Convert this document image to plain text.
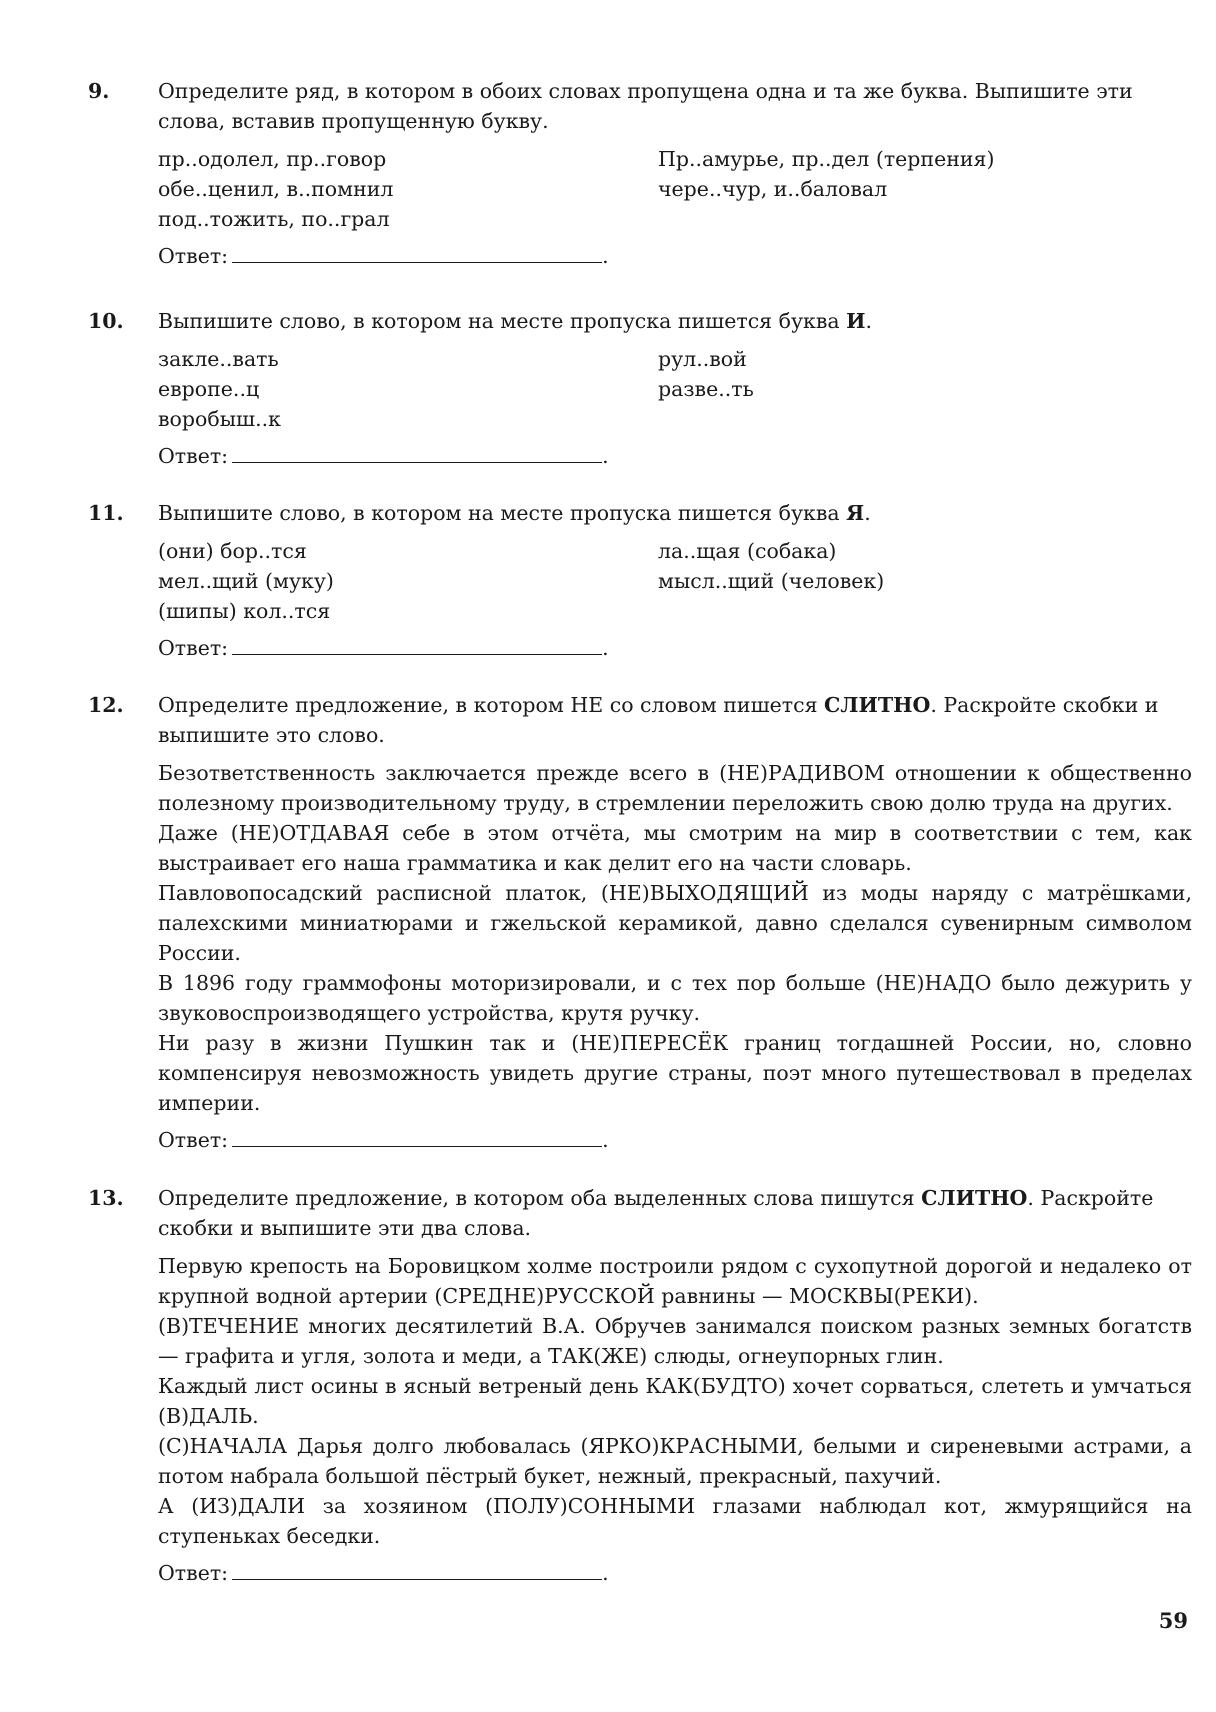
9. Определите ряд, в котором в обоих словах пропущена одна и та же буква. Выпишите эти слова, вставив пропущенную букву.

пр..одолел, пр..говор
обе..ценил, в..помнил
под..тожить, по..грал
Пр..амурье, пр..дел (терпения)
чере..чур, и..баловал
Ответ:	.
10. Выпишите слово, в котором на месте пропуска пишется буква И.

закле..вать
европе..ц
воробыш..к
рул..вой
разве..ть
Ответ:	.
11. Выпишите слово, в котором на месте пропуска пишется буква Я.

(они) бор..тся
мел..щий (муку)
(шипы) кол..тся
ла..щая (собака)
мысл..щий (человек)
Ответ:	.
12. Определите предложение, в котором НЕ со словом пишется СЛИТНО. Раскройте скобки и выпишите это слово.

Безответственность заключается прежде всего в (НЕ)РАДИВОМ отношении к общественно полезному производительному труду, в стремлении переложить свою долю труда на других.

Даже (НЕ)ОТДАВАЯ себе в этом отчёта, мы смотрим на мир в соответствии с тем, как выстраивает его наша грамматика и как делит его на части словарь.

Павловопосадский расписной платок, (НЕ)ВЫХОДЯЩИЙ из моды наряду с матрёшками, палехскими миниатюрами и гжельской керамикой, давно сделался сувенирным символом России.

В 1896 году граммофоны моторизировали, и с тех пор больше (НЕ)НАДО было дежурить у звуковоспроизводящего устройства, крутя ручку.

Ни разу в жизни Пушкин так и (НЕ)ПЕРЕСЁК границ тогдашней России, но, словно компенсируя невозможность увидеть другие страны, поэт много путешествовал в пределах империи.

Ответ:	.
13. Определите предложение, в котором оба выделенных слова пишутся СЛИТНО. Раскройте скобки и выпишите эти два слова.

Первую крепость на Боровицком холме построили рядом с сухопутной дорогой и недалеко от крупной водной артерии (СРЕДНЕ)РУССКОЙ равнины — МОСКВЫ(РЕКИ).

(В)ТЕЧЕНИЕ многих десятилетий В.А. Обручев занимался поиском разных земных богатств — графита и угля, золота и меди, а ТАК(ЖЕ) слюды, огнеупорных глин.

Каждый лист осины в ясный ветреный день КАК(БУДТО) хочет сорваться, слететь и умчаться (В)ДАЛЬ.

(С)НАЧАЛА Дарья долго любовалась (ЯРКО)КРАСНЫМИ, белыми и сиреневыми астрами, а потом набрала большой пёстрый букет, нежный, прекрасный, пахучий.

А (ИЗ)ДАЛИ за хозяином (ПОЛУ)СОННЫМИ глазами наблюдал кот, жмурящийся на ступеньках беседки.

Ответ:	.
59
